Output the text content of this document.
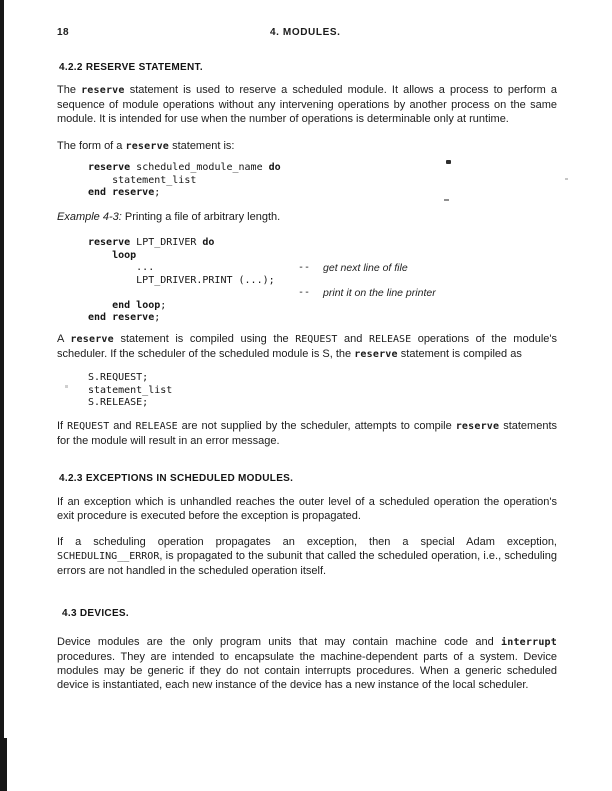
18	4. MODULES.
4.2.2 RESERVE STATEMENT.

The reserve statement is used to reserve a scheduled module. It allows a process to perform a sequence of module operations without any intervening operations by another process on the same module. It is intended for use when the number of operations is determinable only at runtime.

The form of a reserve statement is:

reserve scheduled_module_name do
statement_list
end reserve;

Example 4-3: Printing a file of arbitrary length.

reserve LPT_DRIVER do
loop
...	-- get next line of file
LPT_DRIVER.PRINT (...);
-- print it on the line printer
end loop;
end reserve;

A reserve statement is compiled using the REQUEST and RELEASE operations of the module's scheduler. If the scheduler of the scheduled module is S, the reserve statement is compiled as

S.REQUEST;
statement_list
S.RELEASE;

If REQUEST and RELEASE are not supplied by the scheduler, attempts to compile reserve statements for the module will result in an error message.

4.2.3 EXCEPTIONS IN SCHEDULED MODULES.

If an exception which is unhandled reaches the outer level of a scheduled operation the operation's exit procedure is executed before the exception is propagated.

If a scheduling operation propagates an exception, then a special Adam exception, SCHEDULING__ERROR, is propagated to the subunit that called the scheduled operation, i.e., scheduling errors are not handled in the scheduled operation itself.

4.3 DEVICES.

Device modules are the only program units that may contain machine code and interrupt procedures. They are intended to encapsulate the machine-dependent parts of a system. Device modules may be generic if they do not contain interrupts procedures. When a generic scheduled device is instantiated, each new instance of the device has a new instance of the local scheduler.
